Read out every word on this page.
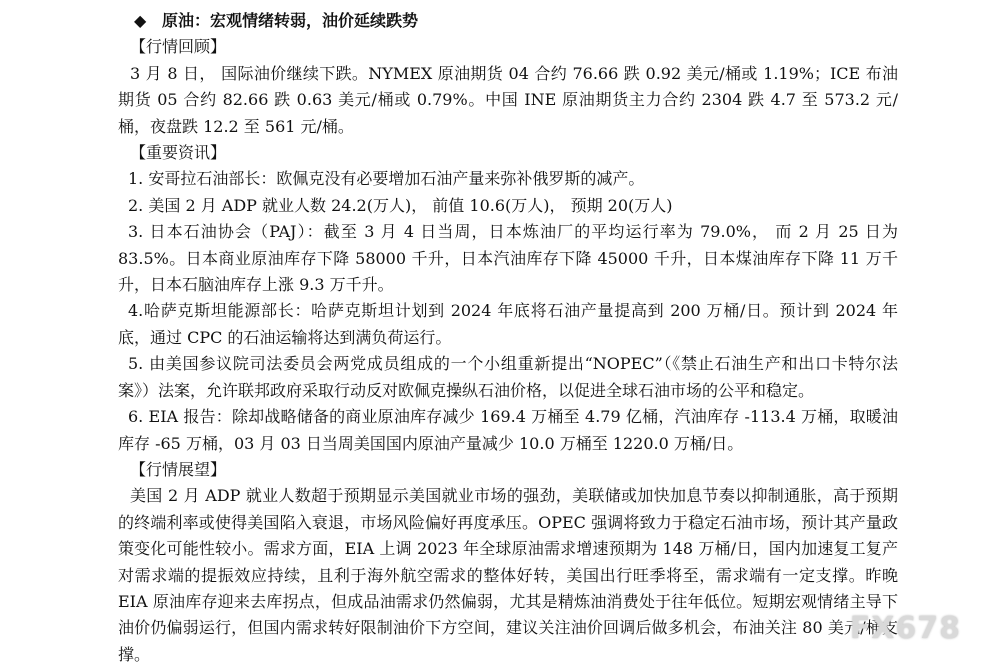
◆ 原油：宏观情绪转弱，油价延续跌势
【行情回顾】
3 月 8 日， 国际油价继续下跌。NYMEX 原油期货 04 合约 76.66 跌 0.92 美元/桶或 1.19%；ICE 布油期货 05 合约 82.66 跌 0.63 美元/桶或 0.79%。中国 INE 原油期货主力合约 2304 跌 4.7 至 573.2 元/桶，夜盘跌 12.2 至 561 元/桶。
【重要资讯】
1. 安哥拉石油部长：欧佩克没有必要增加石油产量来弥补俄罗斯的减产。
2. 美国 2 月 ADP 就业人数 24.2(万人)， 前值 10.6(万人)， 预期 20(万人)
3. 日本石油协会（PAJ）：截至 3 月 4 日当周，日本炼油厂的平均运行率为 79.0%， 而 2 月 25 日为 83.5%。日本商业原油库存下降 58000 千升，日本汽油库存下降 45000 千升，日本煤油库存下降 11 万千升，日本石脑油库存上涨 9.3 万千升。
4.哈萨克斯坦能源部长：哈萨克斯坦计划到 2024 年底将石油产量提高到 200 万桶/日。预计到 2024 年底，通过 CPC 的石油运输将达到满负荷运行。
5. 由美国参议院司法委员会两党成员组成的一个小组重新提出“NOPEC”（《禁止石油生产和出口卡特尔法案》）法案，允许联邦政府采取行动反对欧佩克操纵石油价格，以促进全球石油市场的公平和稳定。
6. EIA 报告：除却战略储备的商业原油库存减少 169.4 万桶至 4.79 亿桶，汽油库存 -113.4 万桶，取暖油库存 -65 万桶，03 月 03 日当周美国国内原油产量减少 10.0 万桶至 1220.0 万桶/日。
【行情展望】
美国 2 月 ADP 就业人数超于预期显示美国就业市场的强劲，美联储或加快加息节奏以抑制通胀，高于预期的终端利率或使得美国陷入衰退，市场风险偏好再度承压。OPEC 强调将致力于稳定石油市场，预计其产量政策变化可能性较小。需求方面，EIA 上调 2023 年全球原油需求增速预期为 148 万桶/日，国内加速复工复产对需求端的提振效应持续，且利于海外航空需求的整体好转，美国出行旺季将至，需求端有一定支撑。昨晚 EIA 原油库存迎来去库拐点，但成品油需求仍然偏弱，尤其是精炼油消费处于往年低位。短期宏观情绪主导下油价仍偏弱运行，但国内需求转好限制油价下方空间，建议关注油价回调后做多机会，布油关注 80 美元/桶支撑。
FX678
